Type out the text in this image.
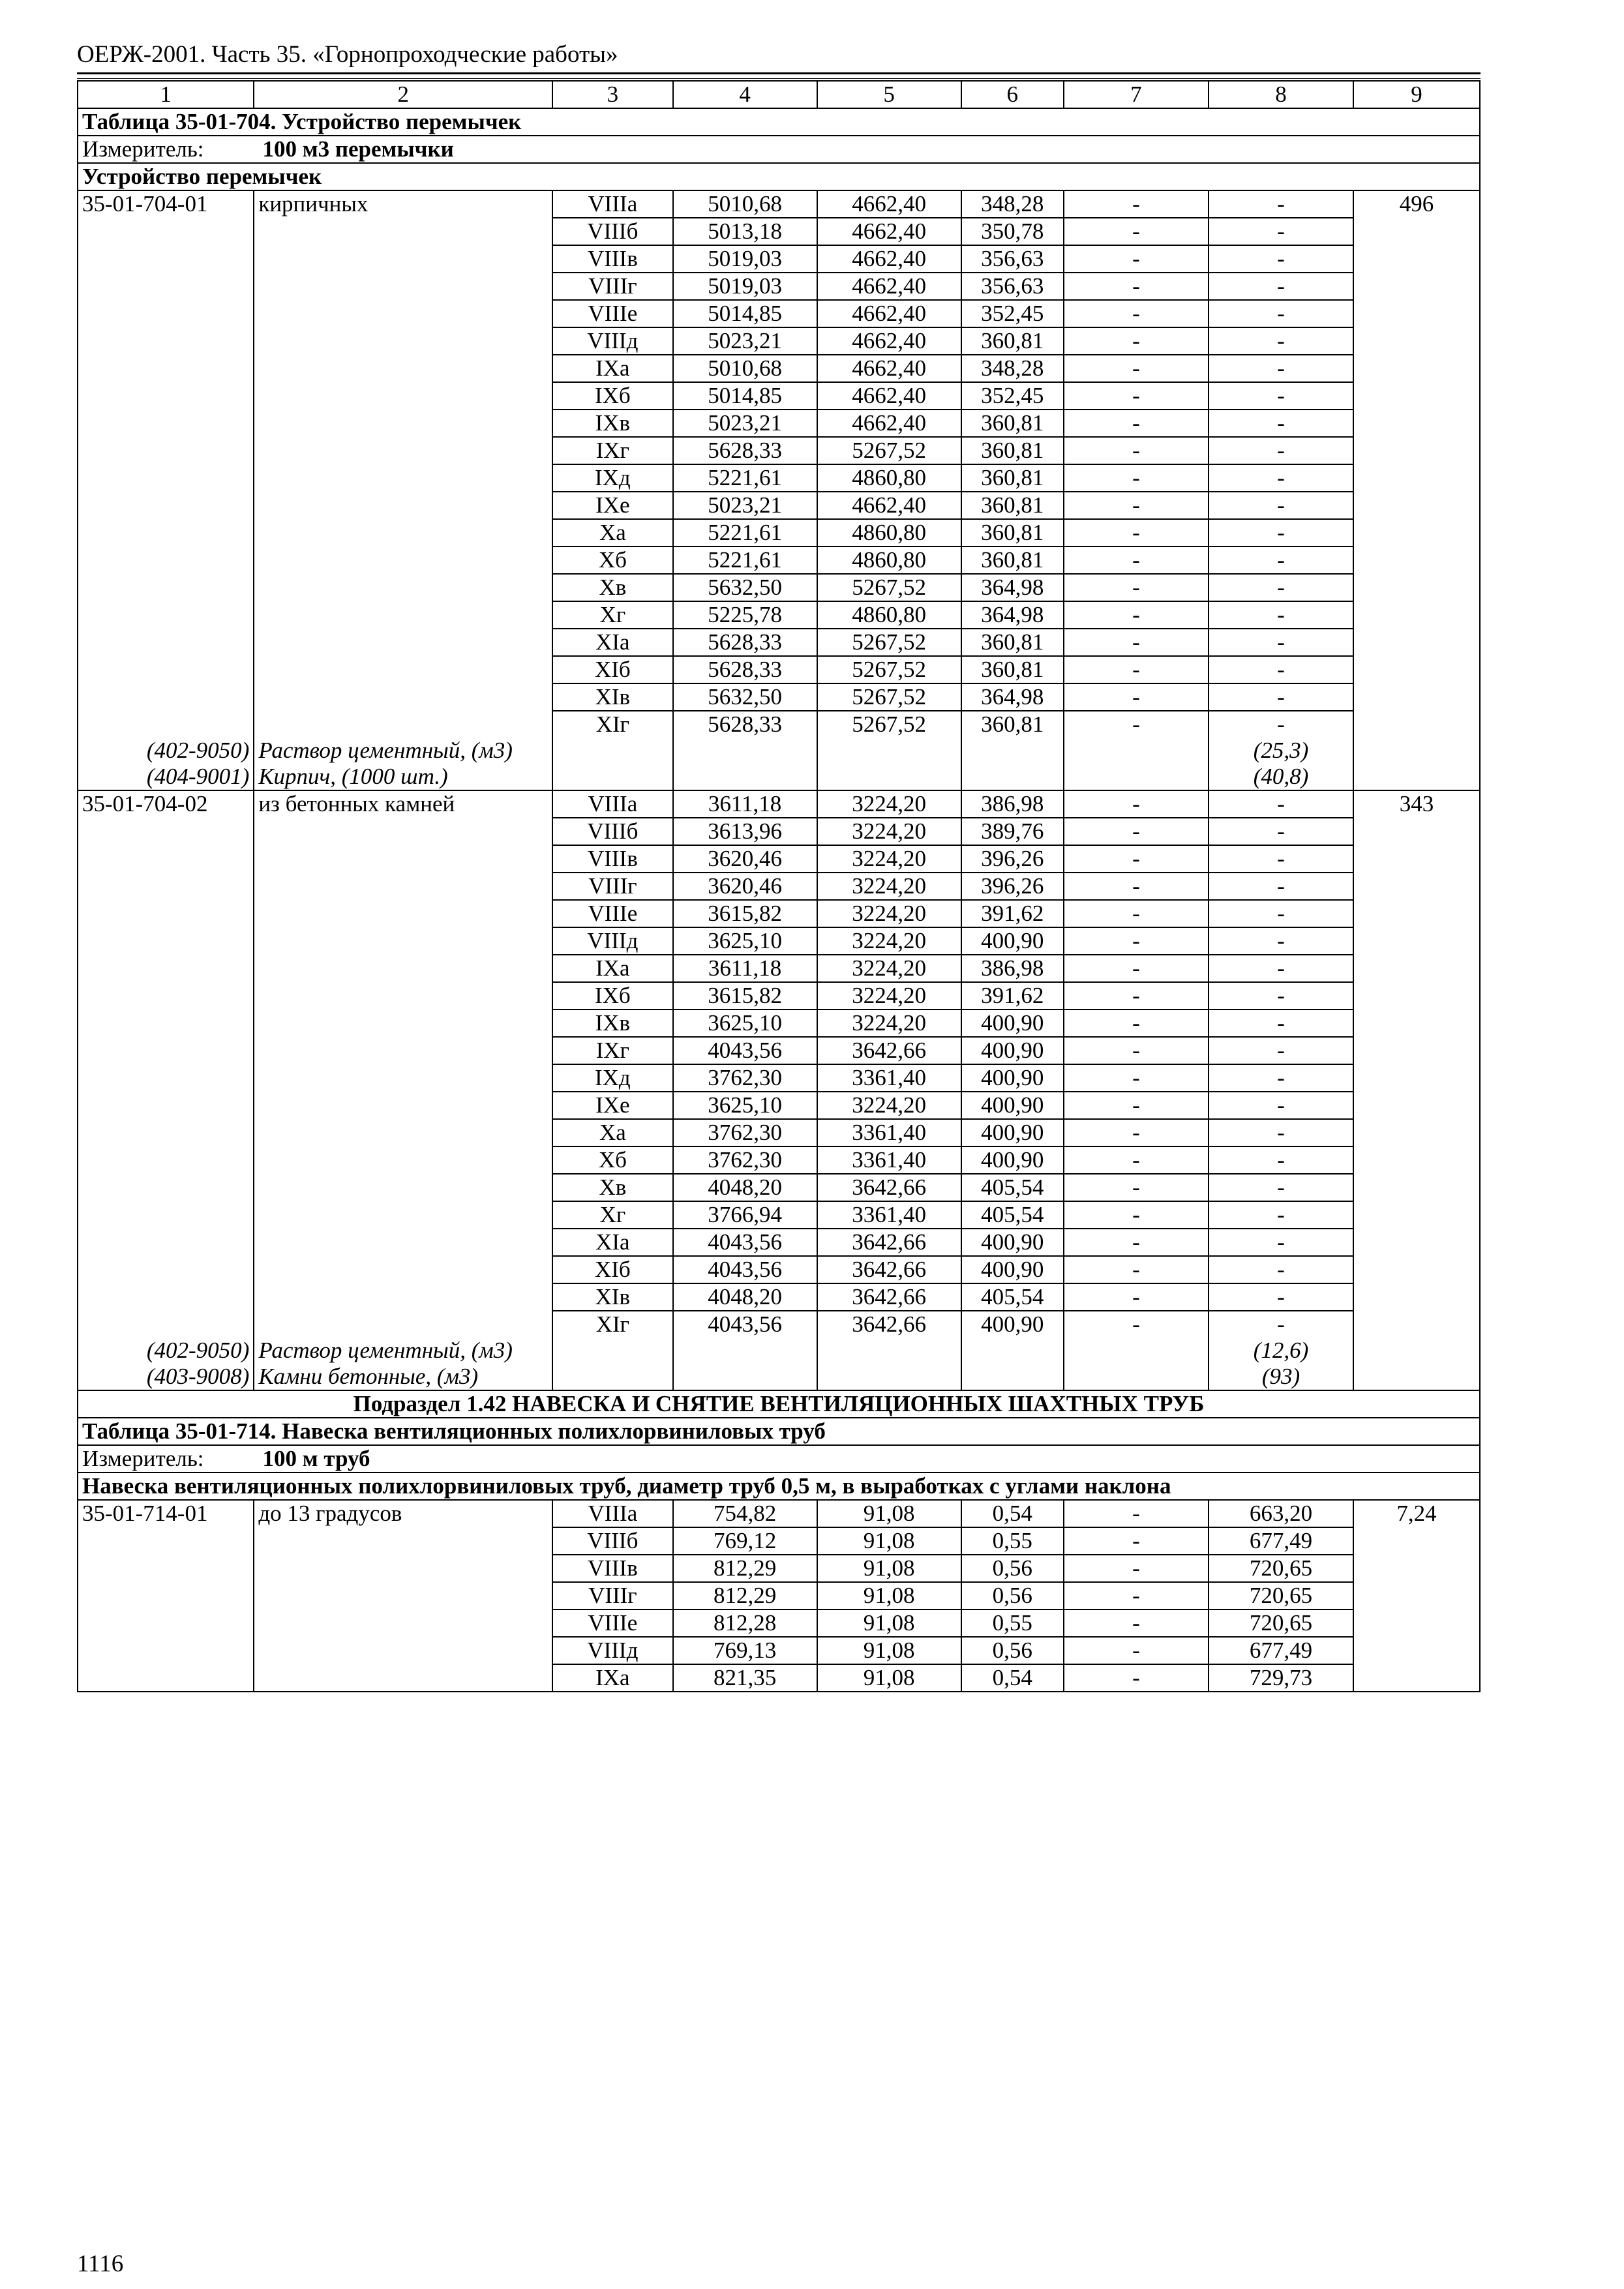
ОЕРЖ-2001. Часть 35. «Горнопроходческие работы»
1	2	3	4	5	6	7	8	9
Таблица 35-01-704. Устройство перемычек								
Измеритель: 100 м3 перемычки								
Устройство перемычек								
35-01-704-01	кирпичных	VIIIа	5010,68	4662,40	348,28	-	-	496
		VIIIб	5013,18	4662,40	350,78	-	-	
		VIIIв	5019,03	4662,40	356,63	-	-	
		VIIIг	5019,03	4662,40	356,63	-	-	
		VIIIе	5014,85	4662,40	352,45	-	-	
		VIIIд	5023,21	4662,40	360,81	-	-	
		IXа	5010,68	4662,40	348,28	-	-	
		IXб	5014,85	4662,40	352,45	-	-	
		IXв	5023,21	4662,40	360,81	-	-	
		IXг	5628,33	5267,52	360,81	-	-	
		IXд	5221,61	4860,80	360,81	-	-	
		IXе	5023,21	4662,40	360,81	-	-	
		Xа	5221,61	4860,80	360,81	-	-	
		Xб	5221,61	4860,80	360,81	-	-	
		Xв	5632,50	5267,52	364,98	-	-	
		Xг	5225,78	4860,80	364,98	-	-	
		XIа	5628,33	5267,52	360,81	-	-	
		XIб	5628,33	5267,52	360,81	-	-	
		XIв	5632,50	5267,52	364,98	-	-	
		XIг	5628,33	5267,52	360,81	-	-	
(402-9050)	Раствор цементный, (м3)						(25,3)	
(404-9001)	Кирпич, (1000 шт.)						(40,8)	
35-01-704-02	из бетонных камней	VIIIа	3611,18	3224,20	386,98	-	-	343
		VIIIб	3613,96	3224,20	389,76	-	-	
		VIIIв	3620,46	3224,20	396,26	-	-	
		VIIIг	3620,46	3224,20	396,26	-	-	
		VIIIе	3615,82	3224,20	391,62	-	-	
		VIIIд	3625,10	3224,20	400,90	-	-	
		IXа	3611,18	3224,20	386,98	-	-	
		IXб	3615,82	3224,20	391,62	-	-	
		IXв	3625,10	3224,20	400,90	-	-	
		IXг	4043,56	3642,66	400,90	-	-	
		IXд	3762,30	3361,40	400,90	-	-	
		IXе	3625,10	3224,20	400,90	-	-	
		Xа	3762,30	3361,40	400,90	-	-	
		Xб	3762,30	3361,40	400,90	-	-	
		Xв	4048,20	3642,66	405,54	-	-	
		Xг	3766,94	3361,40	405,54	-	-	
		XIа	4043,56	3642,66	400,90	-	-	
		XIб	4043,56	3642,66	400,90	-	-	
		XIв	4048,20	3642,66	405,54	-	-	
		XIг	4043,56	3642,66	400,90	-	-	
(402-9050)	Раствор цементный, (м3)						(12,6)	
(403-9008)	Камни бетонные, (м3)						(93)	
Подраздел 1.42 НАВЕСКА И СНЯТИЕ ВЕНТИЛЯЦИОННЫХ ШАХТНЫХ ТРУБ								
Таблица 35-01-714. Навеска вентиляционных полихлорвиниловых труб								
Измеритель: 100 м труб								
Навеска вентиляционных полихлорвиниловых труб, диаметр труб 0,5 м, в выработках с углами наклона								
35-01-714-01	до 13 градусов	VIIIа	754,82	91,08	0,54	-	663,20	7,24
		VIIIб	769,12	91,08	0,55	-	677,49	
		VIIIв	812,29	91,08	0,56	-	720,65	
		VIIIг	812,29	91,08	0,56	-	720,65	
		VIIIе	812,28	91,08	0,55	-	720,65	
		VIIIд	769,13	91,08	0,56	-	677,49	
		IXа	821,35	91,08	0,54	-	729,73	
1116
